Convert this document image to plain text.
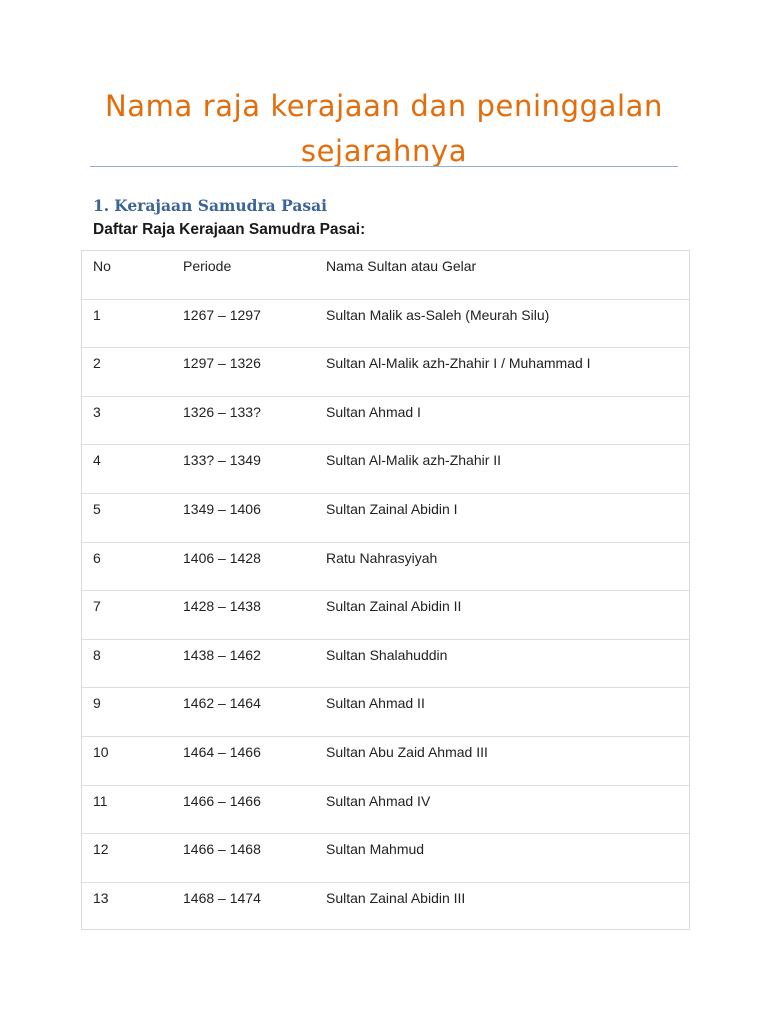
Nama raja kerajaan dan peninggalan sejarahnya
1. Kerajaan Samudra Pasai

Daftar Raja Kerajaan Samudra Pasai:

No	Periode	Nama Sultan atau Gelar
1	1267 – 1297	Sultan Malik as-Saleh (Meurah Silu)
2	1297 – 1326	Sultan Al-Malik azh-Zhahir I / Muhammad I
3	1326 – 133?	Sultan Ahmad I
4	133? – 1349	Sultan Al-Malik azh-Zhahir II
5	1349 – 1406	Sultan Zainal Abidin I
6	1406 – 1428	Ratu Nahrasyiyah
7	1428 – 1438	Sultan Zainal Abidin II
8	1438 – 1462	Sultan Shalahuddin
9	1462 – 1464	Sultan Ahmad II
10	1464 – 1466	Sultan Abu Zaid Ahmad III
11	1466 – 1466	Sultan Ahmad IV
12	1466 – 1468	Sultan Mahmud
13	1468 – 1474	Sultan Zainal Abidin III
